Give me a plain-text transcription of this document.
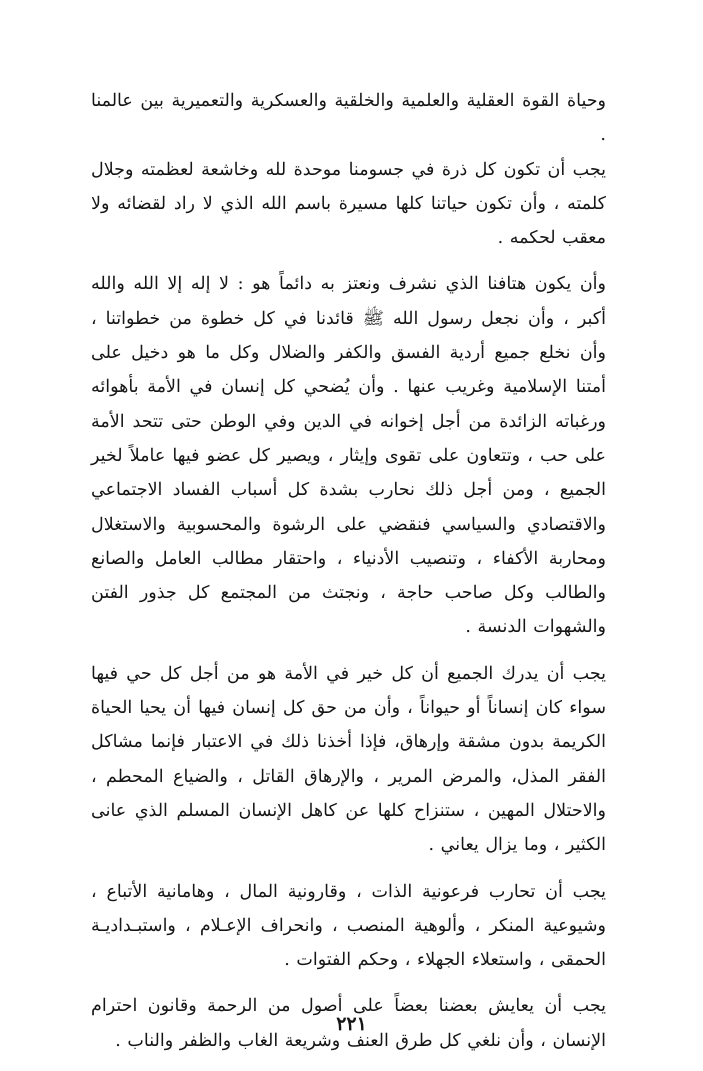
وحياة القوة العقلية والعلمية والخلقية والعسكرية والتعميرية بين عالمنا .

يجب أن تكون كل ذرة في جسومنا موحدة لله وخاشعة لعظمته وجلال كلمته ، وأن تكون حياتنا كلها مسيرة باسم الله الذي لا راد لقضائه ولا معقب لحكمه .

وأن يكون هتافنا الذي نشرف ونعتز به دائماً هو : لا إله إلا الله والله أكبر ، وأن نجعل رسول الله ﷺ قائدنا في كل خطوة من خطواتنا ، وأن نخلع جميع أردية الفسق والكفر والضلال وكل ما هو دخيل على أمتنا الإسلامية وغريب عنها . وأن يُضحي كل إنسان في الأمة بأهوائه ورغباته الزائدة من أجل إخوانه في الدين وفي الوطن حتى تتحد الأمة على حب ، وتتعاون على تقوى وإيثار ، ويصير كل عضو فيها عاملاً لخير الجميع ، ومن أجل ذلك نحارب بشدة كل أسباب الفساد الاجتماعي والاقتصادي والسياسي فنقضي على الرشوة والمحسوبية والاستغلال ومحاربة الأكفاء ، وتنصيب الأدنياء ، واحتقار مطالب العامل والصانع والطالب وكل صاحب حاجة ، ونجتث من المجتمع كل جذور الفتن والشهوات الدنسة .

يجب أن يدرك الجميع أن كل خير في الأمة هو من أجل كل حي فيها سواء كان إنساناً أو حيواناً ، وأن من حق كل إنسان فيها أن يحيا الحياة الكريمة بدون مشقة وإرهاق، فإذا أخذنا ذلك في الاعتبار فإنما مشاكل الفقر المذل، والمرض المرير ، والإرهاق القاتل ، والضياع المحطم ، والاحتلال المهين ، ستنزاح كلها عن كاهل الإنسان المسلم الذي عانى الكثير ، وما يزال يعاني .

يجب أن تحارب فرعونية الذات ، وقارونية المال ، وهامانية الأتباع ، وشيوعية المنكر ، وألوهية المنصب ، وانحراف الإعـلام ، واستبـداديـة الحمقى ، واستعلاء الجهلاء ، وحكم الفتوات .

يجب أن يعايش بعضنا بعضاً على أصول من الرحمة وقانون احترام الإنسان ، وأن نلغي كل طرق العنف وشريعة الغاب والظفر والناب .

٢٢١
